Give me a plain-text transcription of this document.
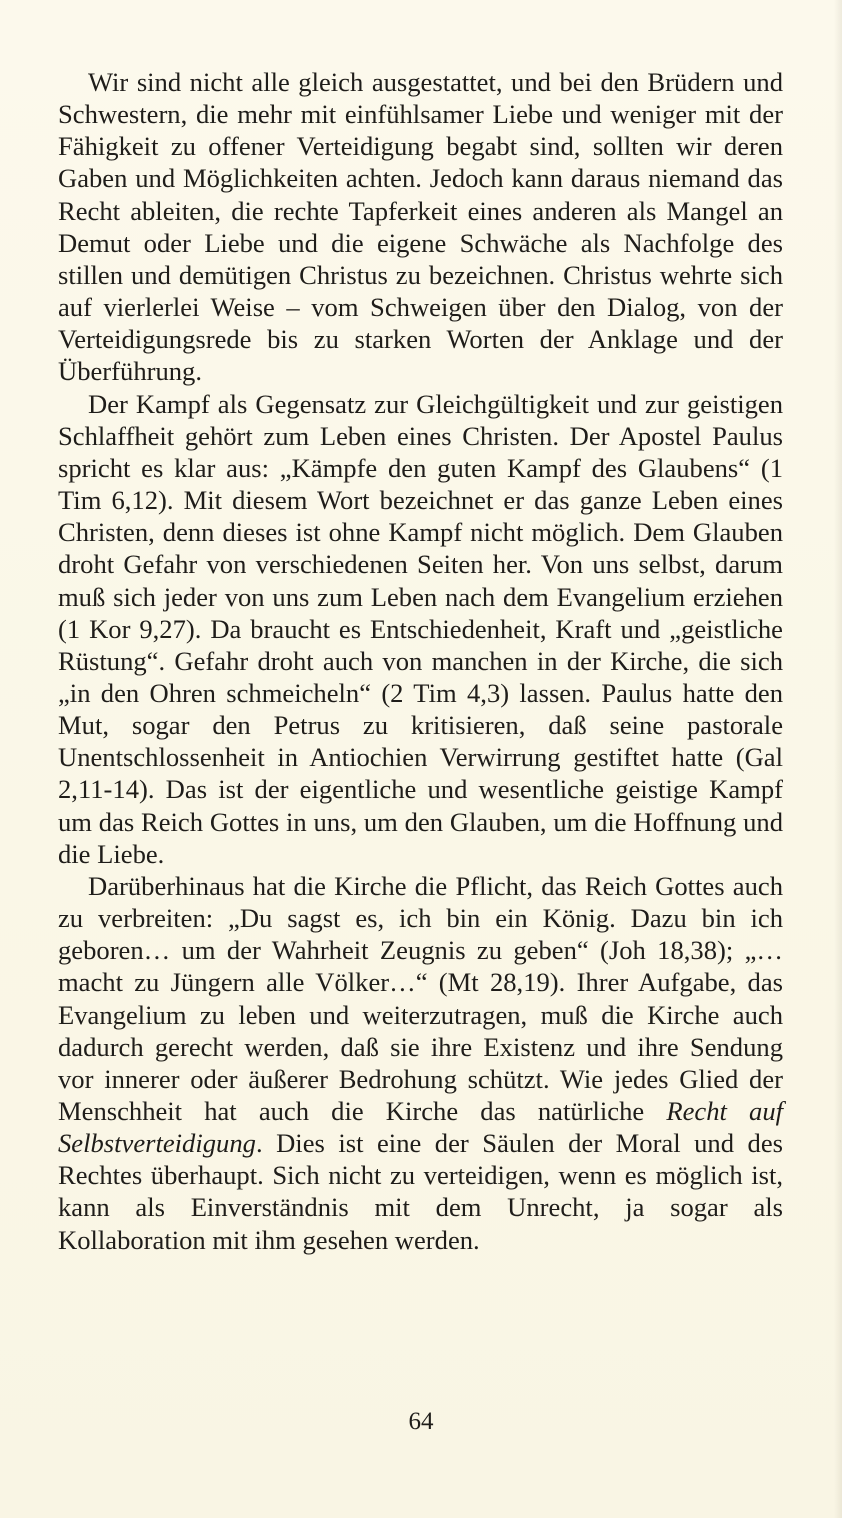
Wir sind nicht alle gleich ausgestattet, und bei den Brüdern und Schwestern, die mehr mit einfühlsamer Liebe und weniger mit der Fähigkeit zu offener Verteidigung begabt sind, sollten wir deren Gaben und Möglichkeiten achten. Jedoch kann daraus niemand das Recht ableiten, die rechte Tapferkeit eines anderen als Mangel an Demut oder Liebe und die eigene Schwäche als Nachfolge des stillen und demütigen Christus zu bezeichnen. Christus wehrte sich auf vierlerlei Weise – vom Schweigen über den Dialog, von der Verteidigungsrede bis zu starken Worten der Anklage und der Überführung.

Der Kampf als Gegensatz zur Gleichgültigkeit und zur geistigen Schlaffheit gehört zum Leben eines Christen. Der Apostel Paulus spricht es klar aus: „Kämpfe den guten Kampf des Glaubens“ (1 Tim 6,12). Mit diesem Wort bezeichnet er das ganze Leben eines Christen, denn dieses ist ohne Kampf nicht möglich. Dem Glauben droht Gefahr von verschiedenen Seiten her. Von uns selbst, darum muß sich jeder von uns zum Leben nach dem Evangelium erziehen (1 Kor 9,27). Da braucht es Entschiedenheit, Kraft und „geistliche Rüstung“. Gefahr droht auch von manchen in der Kirche, die sich „in den Ohren schmeicheln“ (2 Tim 4,3) lassen. Paulus hatte den Mut, sogar den Petrus zu kritisieren, daß seine pastorale Unentschlossenheit in Antiochien Verwirrung gestiftet hatte (Gal 2,11-14). Das ist der eigentliche und wesentliche geistige Kampf um das Reich Gottes in uns, um den Glauben, um die Hoffnung und die Liebe.

Darüberhinaus hat die Kirche die Pflicht, das Reich Gottes auch zu verbreiten: „Du sagst es, ich bin ein König. Dazu bin ich geboren… um der Wahrheit Zeugnis zu geben“ (Joh 18,38); „… macht zu Jüngern alle Völker…“ (Mt 28,19). Ihrer Aufgabe, das Evangelium zu leben und weiterzutragen, muß die Kirche auch dadurch gerecht werden, daß sie ihre Existenz und ihre Sendung vor innerer oder äußerer Bedrohung schützt. Wie jedes Glied der Menschheit hat auch die Kirche das natürliche Recht auf Selbstverteidigung. Dies ist eine der Säulen der Moral und des Rechtes überhaupt. Sich nicht zu verteidigen, wenn es möglich ist, kann als Einverständnis mit dem Unrecht, ja sogar als Kollaboration mit ihm gesehen werden.

64
